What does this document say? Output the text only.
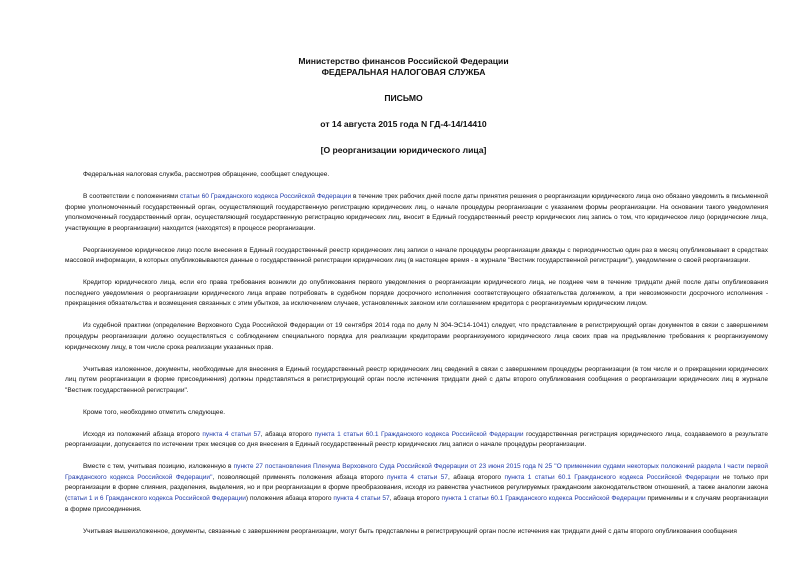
Министерство финансов Российской Федерации
ФЕДЕРАЛЬНАЯ НАЛОГОВАЯ СЛУЖБА
ПИСЬМО
от 14 августа 2015 года N ГД-4-14/14410
[О реорганизации юридического лица]

Федеральная налоговая служба, рассмотрев обращение, сообщает следующее.

В соответствии с положениями статьи 60 Гражданского кодекса Российской Федерации в течение трех рабочих дней после даты принятия решения о реорганизации юридического лица оно обязано уведомить в письменной форме уполномоченный государственный орган, осуществляющий государственную регистрацию юридических лиц, о начале процедуры реорганизации с указанием формы реорганизации. На основании такого уведомления уполномоченный государственный орган, осуществляющий государственную регистрацию юридических лиц, вносит в Единый государственный реестр юридических лиц запись о том, что юридическое лицо (юридические лица, участвующие в реорганизации) находится (находятся) в процессе реорганизации.

Реорганизуемое юридическое лицо после внесения в Единый государственный реестр юридических лиц записи о начале процедуры реорганизации дважды с периодичностью один раз в месяц опубликовывает в средствах массовой информации, в которых опубликовываются данные о государственной регистрации юридических лиц (в настоящее время - в журнале "Вестник государственной регистрации"), уведомление о своей реорганизации.

Кредитор юридического лица, если его права требования возникли до опубликования первого уведомления о реорганизации юридического лица, не позднее чем в течение тридцати дней после даты опубликования последнего уведомления о реорганизации юридического лица вправе потребовать в судебном порядке досрочного исполнения соответствующего обязательства должником, а при невозможности досрочного исполнения - прекращения обязательства и возмещения связанных с этим убытков, за исключением случаев, установленных законом или соглашением кредитора с реорганизуемым юридическим лицом.

Из судебной практики (определение Верховного Суда Российской Федерации от 19 сентября 2014 года по делу N 304-ЭС14-1041) следует, что представление в регистрирующий орган документов в связи с завершением процедуры реорганизации должно осуществляться с соблюдением специального порядка для реализации кредиторами реорганизуемого юридического лица своих прав на предъявление требования к реорганизуемому юридическому лицу, в том числе срока реализации указанных прав.

Учитывая изложенное, документы, необходимые для внесения в Единый государственный реестр юридических лиц сведений в связи с завершением процедуры реорганизации (в том числе и о прекращении юридических лиц путем реорганизации в форме присоединения) должны представляться в регистрирующий орган после истечения тридцати дней с даты второго опубликования сообщения о реорганизации юридических лиц в журнале "Вестник государственной регистрации".

Кроме того, необходимо отметить следующее.

Исходя из положений абзаца второго пункта 4 статьи 57, абзаца второго пункта 1 статьи 60.1 Гражданского кодекса Российской Федерации государственная регистрация юридического лица, создаваемого в результате реорганизации, допускается по истечении трех месяцев со дня внесения в Единый государственный реестр юридических лиц записи о начале процедуры реорганизации.

Вместе с тем, учитывая позицию, изложенную в пункте 27 постановления Пленума Верховного Суда Российской Федерации от 23 июня 2015 года N 25 "О применении судами некоторых положений раздела I части первой Гражданского кодекса Российской Федерации", позволяющей применять положения абзаца второго пункта 4 статьи 57, абзаца второго пункта 1 статьи 60.1 Гражданского кодекса Российской Федерации не только при реорганизации в форме слияния, разделения, выделения, но и при реорганизации в форме преобразования, исходя из равенства участников регулируемых гражданским законодательством отношений, а также аналогии закона (статьи 1 и 6 Гражданского кодекса Российской Федерации) положения абзаца второго пункта 4 статьи 57, абзаца второго пункта 1 статьи 60.1 Гражданского кодекса Российской Федерации применимы и к случаям реорганизации в форме присоединения.

Учитывая вышеизложенное, документы, связанные с завершением реорганизации, могут быть представлены в регистрирующий орган после истечения как тридцати дней с даты второго опубликования сообщения
